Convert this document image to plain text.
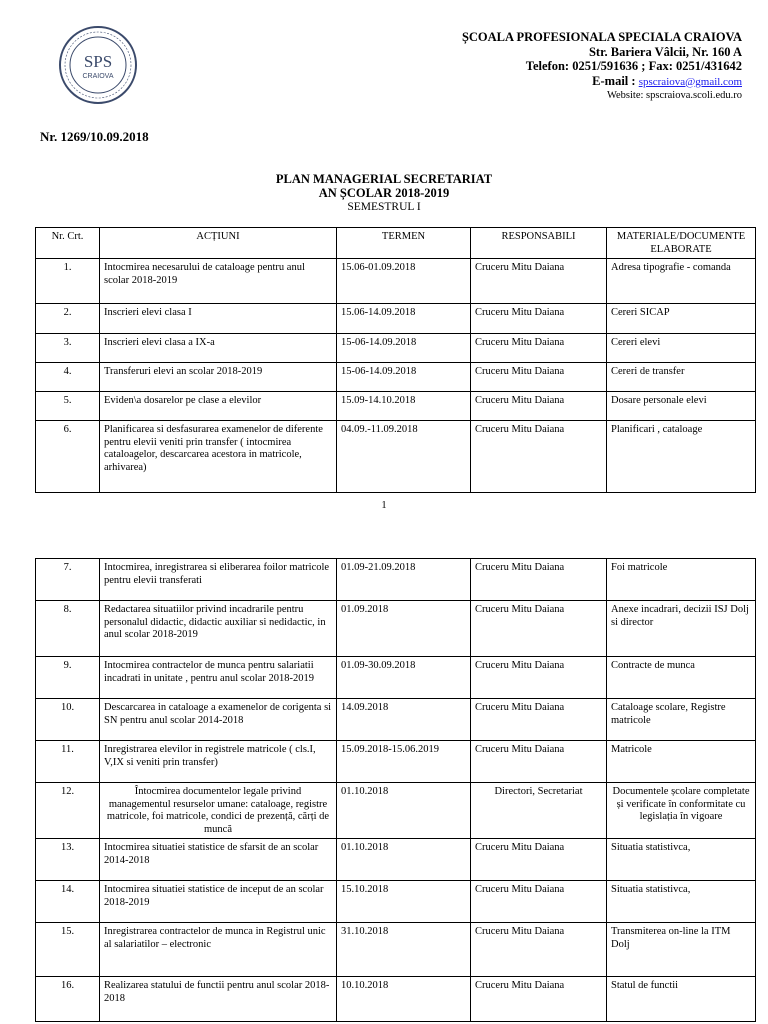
SPS
CRAIOVA
ȘCOALA PROFESIONALA SPECIALA CRAIOVA
Str. Bariera Vâlcii, Nr. 160 A
Telefon: 0251/591636 ; Fax: 0251/431642
E-mail : spscraiova@gmail.com
Website: spscraiova.scoli.edu.ro
Nr. 1269/10.09.2018
PLAN MANAGERIAL SECRETARIAT
AN ȘCOLAR 2018-2019
SEMESTRUL I
Nr. Crt.	ACȚIUNI	TERMEN	RESPONSABILI	MATERIALE/DOCUMENTE ELABORATE
1.	Intocmirea necesarului de cataloage pentru anul scolar 2018-2019	15.06-01.09.2018	Cruceru Mitu Daiana	Adresa tipografie - comanda
2.	Inscrieri elevi clasa I	15.06-14.09.2018	Cruceru Mitu Daiana	Cereri SICAP
3.	Inscrieri elevi clasa a IX-a	15-06-14.09.2018	Cruceru Mitu Daiana	Cereri elevi
4.	Transferuri elevi an scolar 2018-2019	15-06-14.09.2018	Cruceru Mitu Daiana	Cereri de transfer
5.	Eviden\a dosarelor pe clase a elevilor	15.09-14.10.2018	Cruceru Mitu Daiana	Dosare personale elevi
6.	Planificarea si desfasurarea examenelor de diferente pentru elevii veniti prin transfer ( intocmirea cataloagelor, descarcarea acestora in matricole, arhivarea)	04.09.-11.09.2018	Cruceru Mitu Daiana	Planificari , cataloage
1
7.	Intocmirea, inregistrarea si eliberarea foilor matricole pentru elevii transferati	01.09-21.09.2018	Cruceru Mitu Daiana	Foi matricole
8.	Redactarea situatiilor privind incadrarile pentru personalul didactic, didactic auxiliar si nedidactic, in anul scolar 2018-2019	01.09.2018	Cruceru Mitu Daiana	Anexe incadrari, decizii ISJ Dolj si director
9.	Intocmirea contractelor de munca pentru salariatii incadrati in unitate , pentru anul scolar 2018-2019	01.09-30.09.2018	Cruceru Mitu Daiana	Contracte de munca
10.	Descarcarea in cataloage a examenelor de corigenta si SN pentru anul scolar 2014-2018	14.09.2018	Cruceru Mitu Daiana	Cataloage scolare, Registre matricole
11.	Inregistrarea elevilor in registrele matricole ( cls.I, V,IX si veniti prin transfer)	15.09.2018-15.06.2019	Cruceru Mitu Daiana	Matricole
12.	Întocmirea documentelor legale privind managementul resurselor umane: cataloage, registre matricole, foi matricole, condici de prezență, cărți de muncă	01.10.2018	Directori, Secretariat	Documentele școlare completate și verificate în conformitate cu legislația în vigoare
13.	Intocmirea situatiei statistice de sfarsit de an scolar 2014-2018	01.10.2018	Cruceru Mitu Daiana	Situatia statistivca,
14.	Intocmirea situatiei statistice de inceput de an scolar 2018-2019	15.10.2018	Cruceru Mitu Daiana	Situatia statistivca,
15.	Inregistrarea contractelor de munca in Registrul unic al salariatilor – electronic	31.10.2018	Cruceru Mitu Daiana	Transmiterea on-line la ITM Dolj
16.	Realizarea statului de functii pentru anul scolar 2018-2018	10.10.2018	Cruceru Mitu Daiana	Statul de functii
